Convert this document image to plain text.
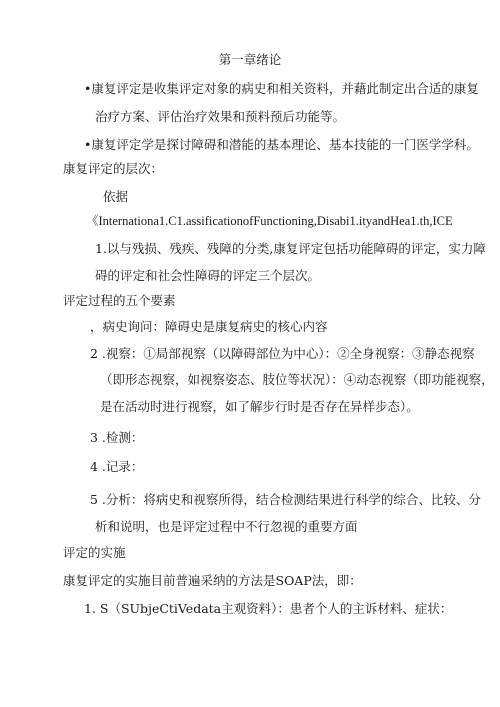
第一章绪论
•康复评定是收集评定对象的病史和相关资料，并藉此制定出合适的康复
治疗方案、评估治疗效果和预料预后功能等。
•康复评定学是探讨障碍和潜能的基本理论、基本技能的一门医学学科。
康复评定的层次：
依据
《Internationa1.C1.assificationofFunctioning,Disabi1.ityandHea1.th,ICE
1.以与残损、残疾、残障的分类,康复评定包括功能障碍的评定，实力障
碍的评定和社会性障碍的评定三个层次。
评定过程的五个要素
，病史询问：障碍史是康复病史的核心内容
2 .视察：①局部视察（以障碍部位为中心）：②全身视察：③静态视察
（即形态视察，如视察姿态、肢位等状况）：④动态视察（即功能视察，
是在活动时进行视察，如了解步行时是否存在异样步态）。
3 .检测：
4 .记录：
5 .分析：将病史和视察所得，结合检测结果进行科学的综合、比较、分
析和说明，也是评定过程中不行忽视的重要方面
评定的实施
康复评定的实施目前普遍采纳的方法是SOAP法，即：
1. S（SUbjeCtiVedata主观资料）：患者个人的主诉材料、症状：
